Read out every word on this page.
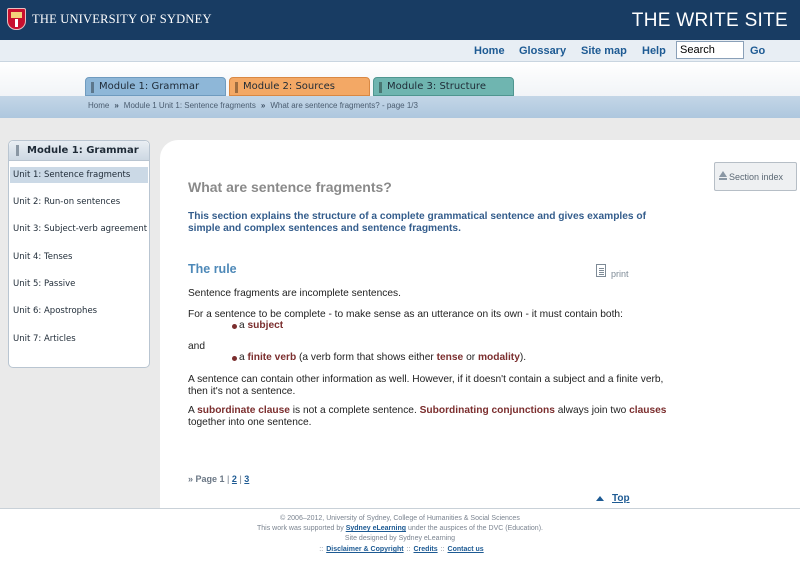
THE UNIVERSITY OF SYDNEY	THE WRITE SITE
Home Glossary Site map Help
Search	Go
Module 1: Grammar	Module 2: Sources	Module 3: Structure
Home » Module 1 Unit 1: Sentence fragments » What are sentence fragments? - page 1/3
Module 1: Grammar
Unit 1: Sentence fragments
Unit 2: Run-on sentences
Unit 3: Subject-verb agreement
Unit 4: Tenses
Unit 5: Passive
Unit 6: Apostrophes
Unit 7: Articles
Section index
What are sentence fragments?
This section explains the structure of a complete grammatical sentence and gives examples of simple and complex sentences and sentence fragments.
The rule	print
Sentence fragments are incomplete sentences.
For a sentence to be complete - to make sense as an utterance on its own - it must contain both:
a subject
and
a finite verb (a verb form that shows either tense or modality).
A sentence can contain other information as well. However, if it doesn't contain a subject and a finite verb, then it's not a sentence.
A subordinate clause is not a complete sentence. Subordinating conjunctions always join two clauses
together into one sentence.
» Page 1 | 2 | 3
Top
© 2006–2012, University of Sydney, College of Humanities & Social Sciences
This work was supported by Sydney eLearning under the auspices of the DVC (Education).
Site designed by Sydney eLearning
:: Disclaimer & Copyright :: Credits :: Contact us
